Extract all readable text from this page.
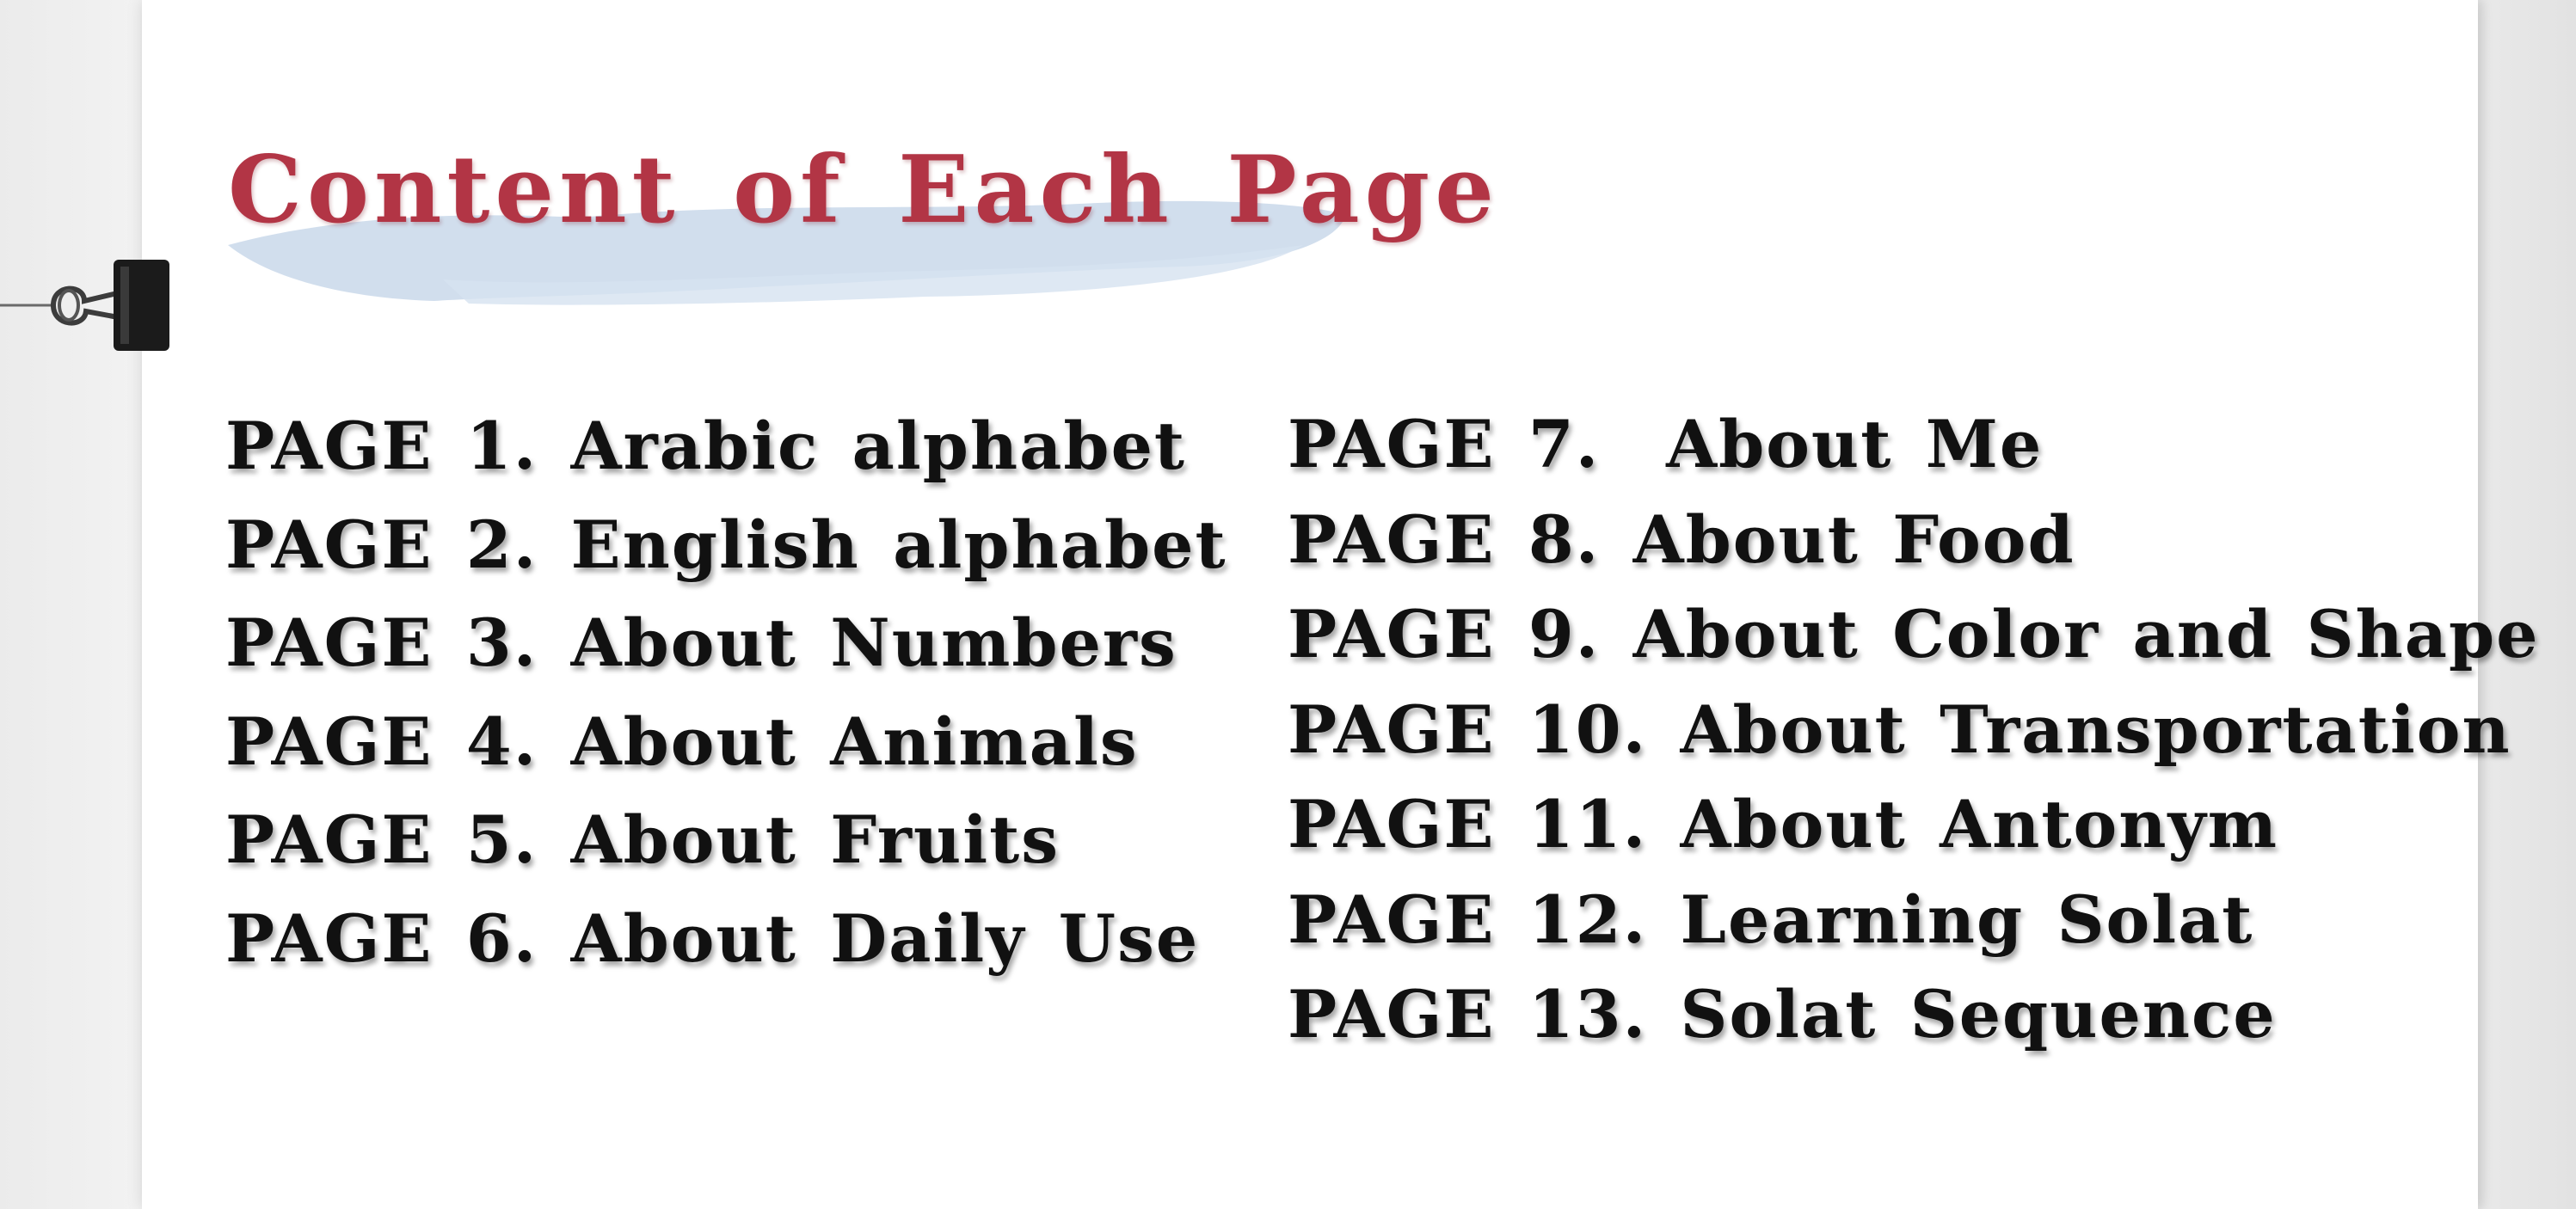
Content of Each Page
PAGE 1. Arabic alphabet
PAGE 2. English alphabet
PAGE 3. About Numbers
PAGE 4. About Animals
PAGE 5. About Fruits
PAGE 6. About Daily Use
PAGE 7.  About Me
PAGE 8. About Food
PAGE 9. About Color and Shape
PAGE 10. About Transportation
PAGE 11. About Antonym
PAGE 12. Learning Solat
PAGE 13. Solat Sequence
